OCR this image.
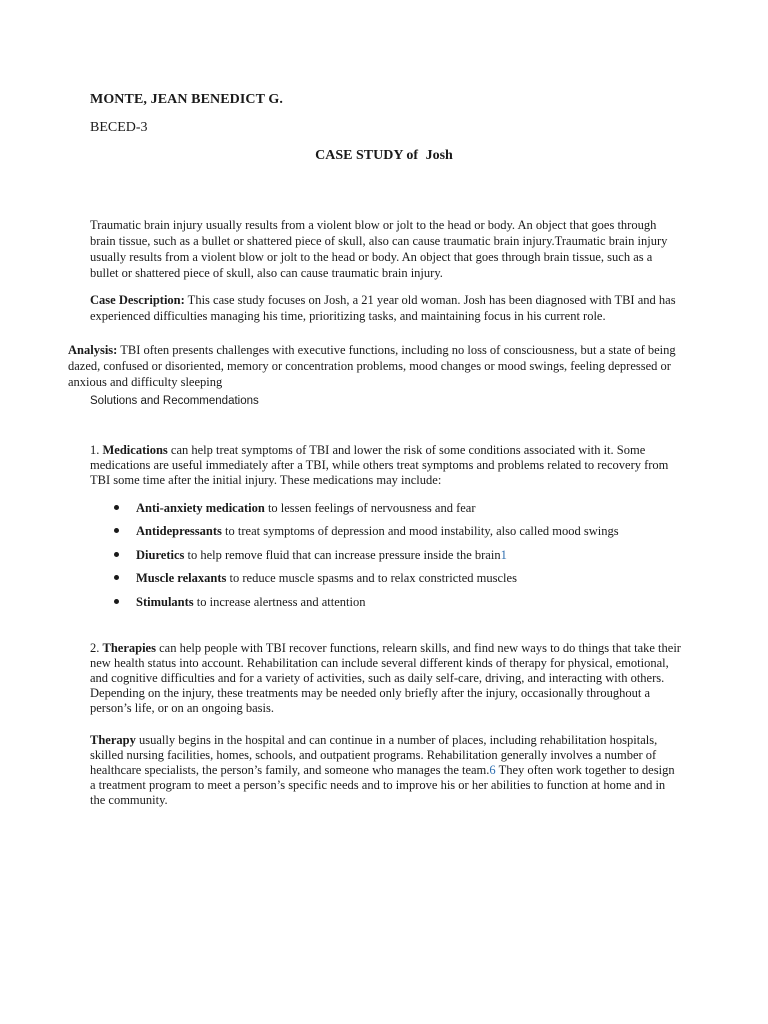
MONTE, JEAN BENEDICT G.

BECED-3

CASE STUDY of Josh

Traumatic brain injury usually results from a violent blow or jolt to the head or body. An object that goes through brain tissue, such as a bullet or shattered piece of skull, also can cause traumatic brain injury.Traumatic brain injury usually results from a violent blow or jolt to the head or body. An object that goes through brain tissue, such as a bullet or shattered piece of skull, also can cause traumatic brain injury.

Case Description: This case study focuses on Josh, a 21 year old woman. Josh has been diagnosed with TBI and has experienced difficulties managing his time, prioritizing tasks, and maintaining focus in his current role.

Analysis: TBI often presents challenges with executive functions, including no loss of consciousness, but a state of being dazed, confused or disoriented, memory or concentration problems, mood changes or mood swings, feeling depressed or anxious and difficulty sleeping

Solutions and Recommendations

1. Medications can help treat symptoms of TBI and lower the risk of some conditions associated with it. Some medications are useful immediately after a TBI, while others treat symptoms and problems related to recovery from TBI some time after the initial injury. These medications may include:

Anti-anxiety medication to lessen feelings of nervousness and fear
Antidepressants to treat symptoms of depression and mood instability, also called mood swings
Diuretics to help remove fluid that can increase pressure inside the brain1
Muscle relaxants to reduce muscle spasms and to relax constricted muscles
Stimulants to increase alertness and attention

2. Therapies can help people with TBI recover functions, relearn skills, and find new ways to do things that take their new health status into account. Rehabilitation can include several different kinds of therapy for physical, emotional, and cognitive difficulties and for a variety of activities, such as daily self-care, driving, and interacting with others. Depending on the injury, these treatments may be needed only briefly after the injury, occasionally throughout a person’s life, or on an ongoing basis.

Therapy usually begins in the hospital and can continue in a number of places, including rehabilitation hospitals, skilled nursing facilities, homes, schools, and outpatient programs. Rehabilitation generally involves a number of healthcare specialists, the person’s family, and someone who manages the team.6 They often work together to design a treatment program to meet a person’s specific needs and to improve his or her abilities to function at home and in the community.
